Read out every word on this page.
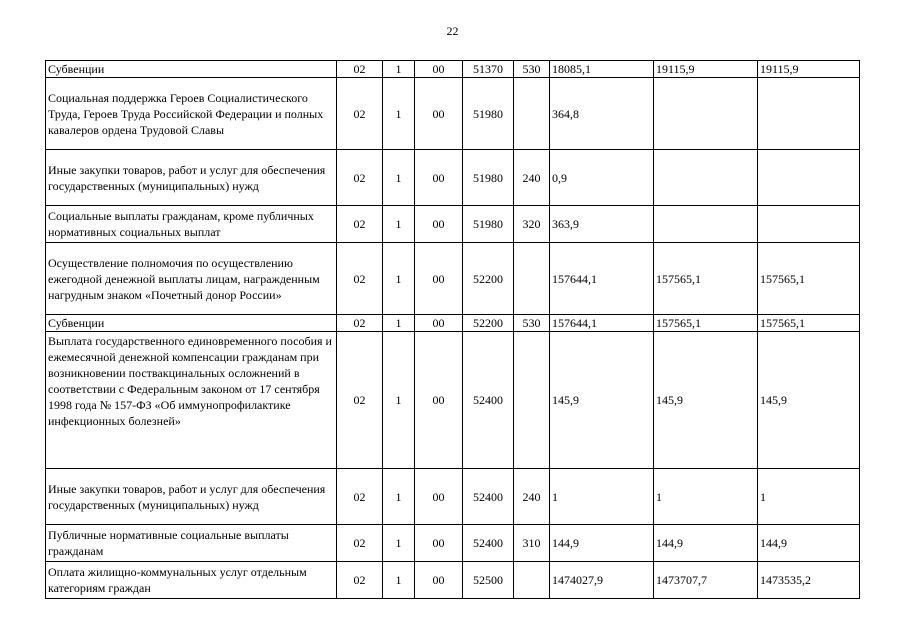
22
Субвенции	02	1	00	51370	530	18085,1	19115,9	19115,9
Социальная поддержка Героев Социалистического Труда, Героев Труда Российской Федерации и полных кавалеров ордена Трудовой Славы	02	1	00	51980		364,8		
Иные закупки товаров, работ и услуг для обеспечения государственных (муниципальных) нужд	02	1	00	51980	240	0,9		
Социальные выплаты гражданам, кроме публичных нормативных социальных выплат	02	1	00	51980	320	363,9		
Осуществление полномочия по осуществлению ежегодной денежной выплаты лицам, награжденным нагрудным знаком «Почетный донор России»	02	1	00	52200		157644,1	157565,1	157565,1
Субвенции	02	1	00	52200	530	157644,1	157565,1	157565,1
Выплата государственного единовременного пособия и ежемесячной денежной компенсации гражданам при возникновении поствакцинальных осложнений в соответствии с Федеральным законом от 17 сентября 1998 года № 157-ФЗ «Об иммунопрофилактике инфекционных болезней»	02	1	00	52400		145,9	145,9	145,9
Иные закупки товаров, работ и услуг для обеспечения государственных (муниципальных) нужд	02	1	00	52400	240	1	1	1
Публичные нормативные социальные выплаты гражданам	02	1	00	52400	310	144,9	144,9	144,9
Оплата жилищно-коммунальных услуг отдельным категориям граждан	02	1	00	52500		1474027,9	1473707,7	1473535,2
